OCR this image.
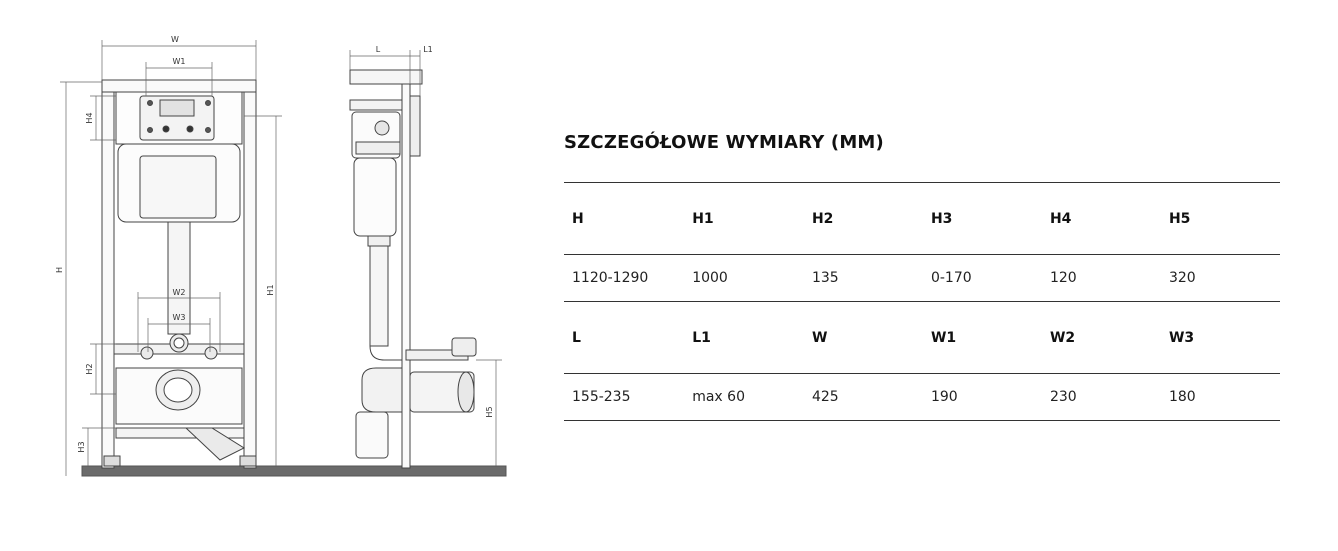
W
W1
W2
W3
H
H4
H2
H3
H1
L	L1
H5
SZCZEGÓŁOWE WYMIARY (MM)
H	H1	H2	H3	H4	H5
1120-1290	1000	135	0-170	120	320
L	L1	W	W1	W2	W3
155-235	max 60	425	190	230	180
